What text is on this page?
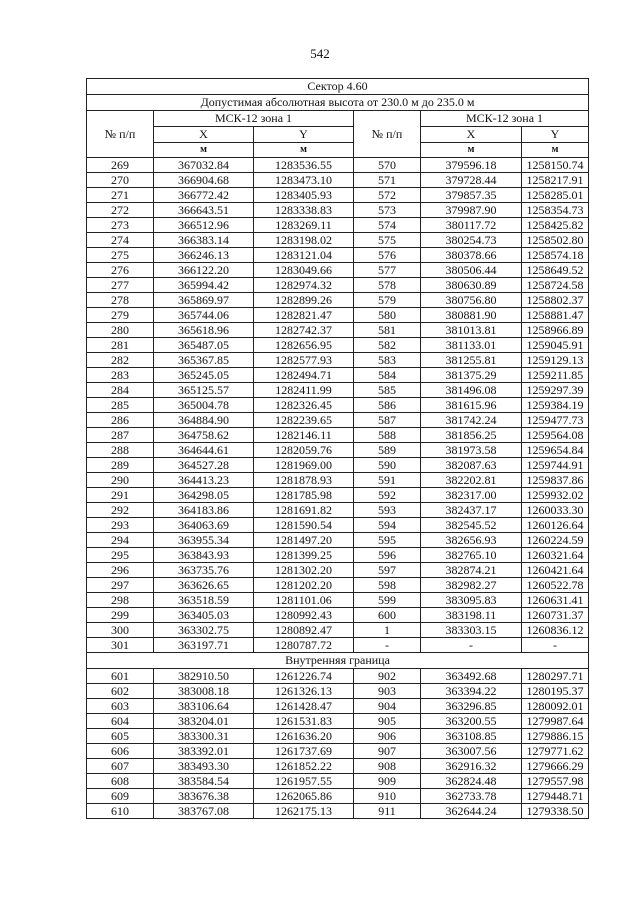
542
Сектор 4.60					
Допустимая абсолютная высота от 230.0 м до 235.0 м					
№ п/п	МСК-12 зона 1		№ п/п	МСК-12 зона 1	
	X	Y		X	Y
	м	м		м	м
269	367032.84	1283536.55	570	379596.18	1258150.74
270	366904.68	1283473.10	571	379728.44	1258217.91
271	366772.42	1283405.93	572	379857.35	1258285.01
272	366643.51	1283338.83	573	379987.90	1258354.73
273	366512.96	1283269.11	574	380117.72	1258425.82
274	366383.14	1283198.02	575	380254.73	1258502.80
275	366246.13	1283121.04	576	380378.66	1258574.18
276	366122.20	1283049.66	577	380506.44	1258649.52
277	365994.42	1282974.32	578	380630.89	1258724.58
278	365869.97	1282899.26	579	380756.80	1258802.37
279	365744.06	1282821.47	580	380881.90	1258881.47
280	365618.96	1282742.37	581	381013.81	1258966.89
281	365487.05	1282656.95	582	381133.01	1259045.91
282	365367.85	1282577.93	583	381255.81	1259129.13
283	365245.05	1282494.71	584	381375.29	1259211.85
284	365125.57	1282411.99	585	381496.08	1259297.39
285	365004.78	1282326.45	586	381615.96	1259384.19
286	364884.90	1282239.65	587	381742.24	1259477.73
287	364758.62	1282146.11	588	381856.25	1259564.08
288	364644.61	1282059.76	589	381973.58	1259654.84
289	364527.28	1281969.00	590	382087.63	1259744.91
290	364413.23	1281878.93	591	382202.81	1259837.86
291	364298.05	1281785.98	592	382317.00	1259932.02
292	364183.86	1281691.82	593	382437.17	1260033.30
293	364063.69	1281590.54	594	382545.52	1260126.64
294	363955.34	1281497.20	595	382656.93	1260224.59
295	363843.93	1281399.25	596	382765.10	1260321.64
296	363735.76	1281302.20	597	382874.21	1260421.64
297	363626.65	1281202.20	598	382982.27	1260522.78
298	363518.59	1281101.06	599	383095.83	1260631.41
299	363405.03	1280992.43	600	383198.11	1260731.37
300	363302.75	1280892.47	1	383303.15	1260836.12
301	363197.71	1280787.72	-	-	-
Внутренняя граница					
601	382910.50	1261226.74	902	363492.68	1280297.71
602	383008.18	1261326.13	903	363394.22	1280195.37
603	383106.64	1261428.47	904	363296.85	1280092.01
604	383204.01	1261531.83	905	363200.55	1279987.64
605	383300.31	1261636.20	906	363108.85	1279886.15
606	383392.01	1261737.69	907	363007.56	1279771.62
607	383493.30	1261852.22	908	362916.32	1279666.29
608	383584.54	1261957.55	909	362824.48	1279557.98
609	383676.38	1262065.86	910	362733.78	1279448.71
610	383767.08	1262175.13	911	362644.24	1279338.50
